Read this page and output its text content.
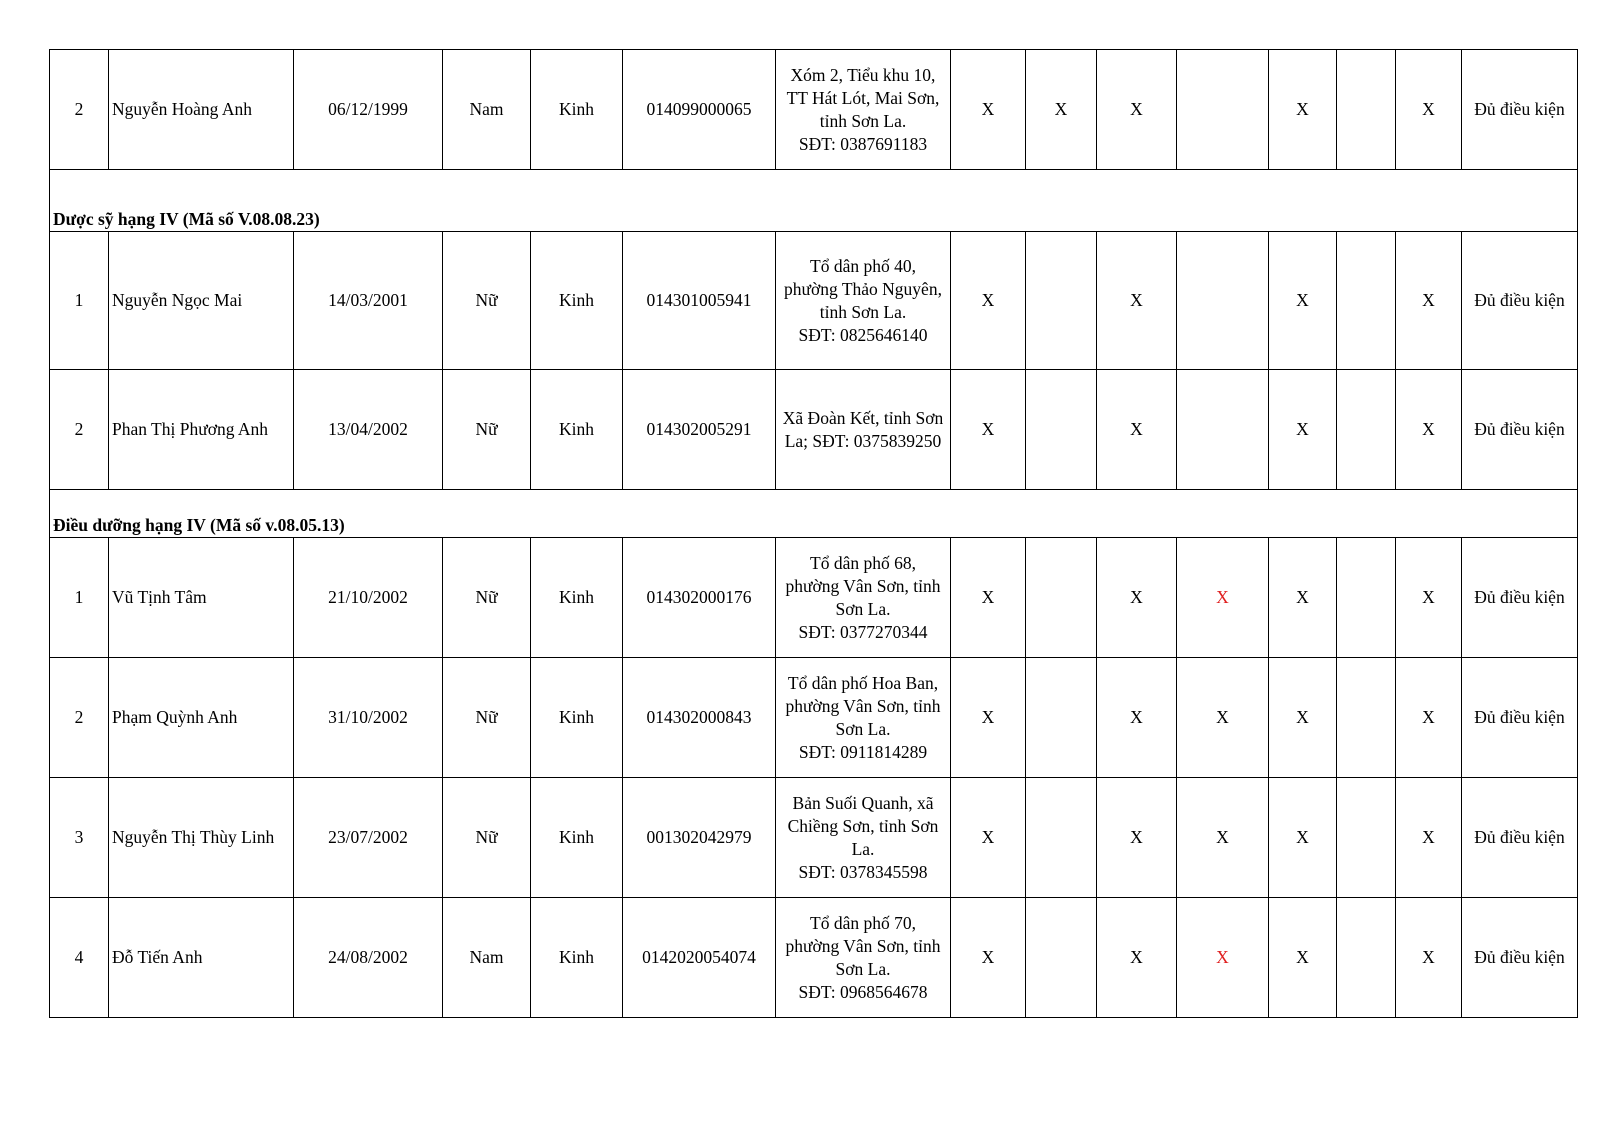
2	Nguyễn Hoàng Anh	06/12/1999	Nam	Kinh	014099000065	Xóm 2, Tiểu khu 10,
TT Hát Lót, Mai Sơn,
tỉnh Sơn La.
SĐT: 0387691183	X	X	X		X		X	Đủ điều kiện
Dược sỹ hạng IV (Mã số V.08.08.23)														
1	Nguyễn Ngọc Mai	14/03/2001	Nữ	Kinh	014301005941	Tổ dân phố 40,
phường Thảo Nguyên,
tỉnh Sơn La.
SĐT: 0825646140	X		X		X		X	Đủ điều kiện
2	Phan Thị Phương Anh	13/04/2002	Nữ	Kinh	014302005291	Xã Đoàn Kết, tỉnh Sơn
La; SĐT: 0375839250	X		X		X		X	Đủ điều kiện
Điều dưỡng hạng IV (Mã số v.08.05.13)														
1	Vũ Tịnh Tâm	21/10/2002	Nữ	Kinh	014302000176	Tổ dân phố 68,
phường Vân Sơn, tỉnh
Sơn La.
SĐT: 0377270344	X		X	X	X		X	Đủ điều kiện
2	Phạm Quỳnh Anh	31/10/2002	Nữ	Kinh	014302000843	Tổ dân phố Hoa Ban,
phường Vân Sơn, tỉnh
Sơn La.
SĐT: 0911814289	X		X	X	X		X	Đủ điều kiện
3	Nguyễn Thị Thùy Linh	23/07/2002	Nữ	Kinh	001302042979	Bản Suối Quanh, xã
Chiềng Sơn, tỉnh Sơn
La.
SĐT: 0378345598	X		X	X	X		X	Đủ điều kiện
4	Đỗ Tiến Anh	24/08/2002	Nam	Kinh	0142020054074	Tổ dân phố 70,
phường Vân Sơn, tỉnh
Sơn La.
SĐT: 0968564678	X		X	X	X		X	Đủ điều kiện
